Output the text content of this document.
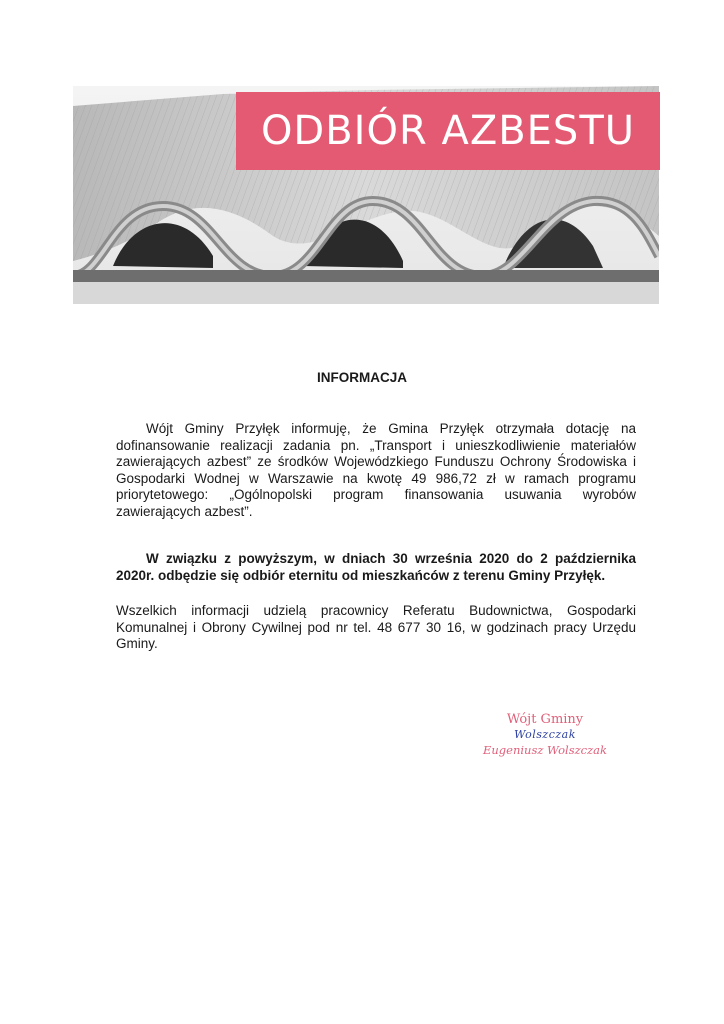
ODBIÓR AZBESTU
INFORMACJA

Wójt Gminy Przyłęk informuję, że Gmina Przyłęk otrzymała dotację na dofinansowanie realizacji zadania pn. „Transport i unieszkodliwienie materiałów zawierających azbest” ze środków Wojewódzkiego Funduszu Ochrony Środowiska i Gospodarki Wodnej w Warszawie na kwotę 49 986,72 zł w ramach programu priorytetowego: „Ogólnopolski program finansowania usuwania wyrobów zawierających azbest”.

W związku z powyższym, w dniach 30 września 2020 do 2 października 2020r. odbędzie się odbiór eternitu od mieszkańców z terenu Gminy Przyłęk.

Wszelkich informacji udzielą pracownicy Referatu Budownictwa, Gospodarki Komunalnej i Obrony Cywilnej pod nr tel. 48 677 30 16, w godzinach pracy Urzędu Gminy.

Wójt Gminy
Wolszczak
Eugeniusz Wolszczak
